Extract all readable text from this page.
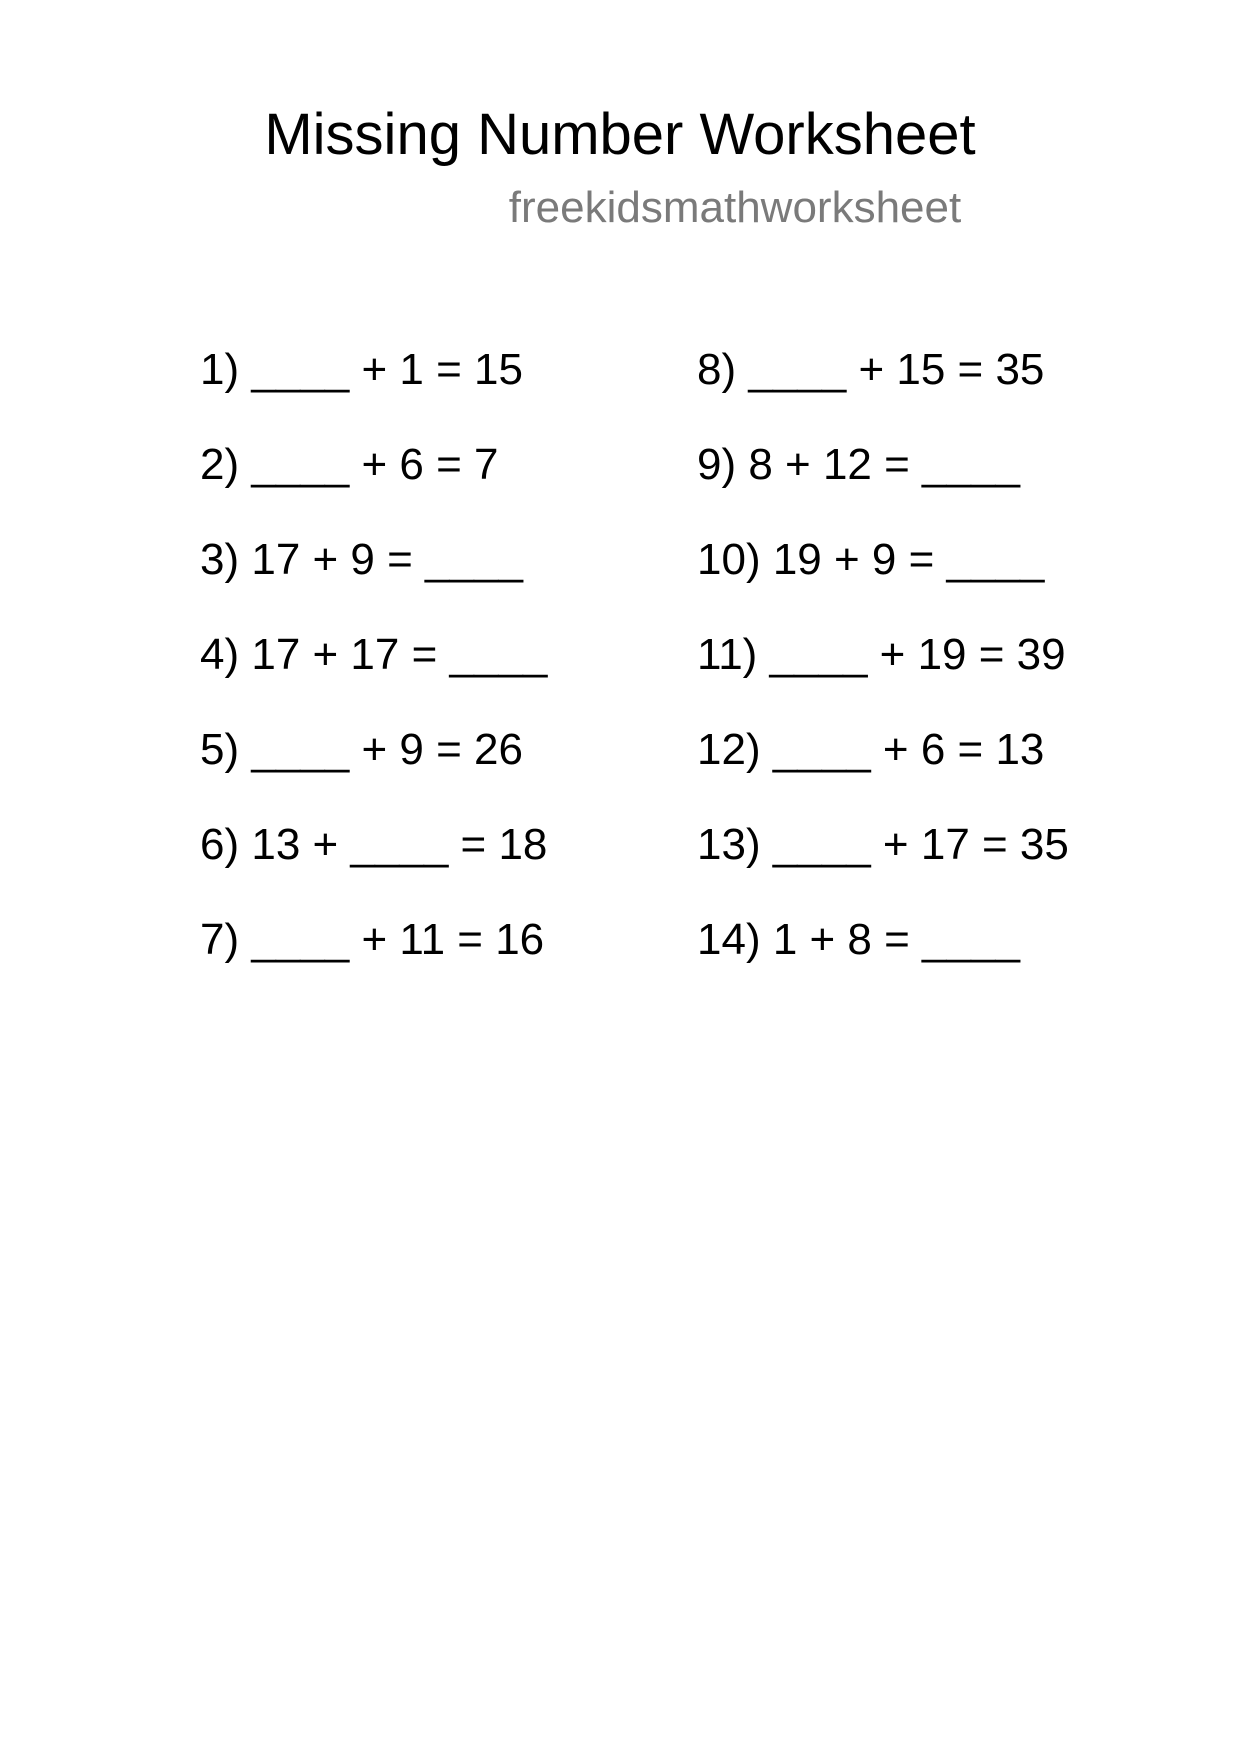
Missing Number Worksheet
freekidsmathworksheet
1) ____ + 1 = 15
2) ____ + 6 = 7
3) 17 + 9 = ____
4) 17 + 17 = ____
5) ____ + 9 = 26
6) 13 + ____ = 18
7) ____ + 11 = 16
8) ____ + 15 = 35
9) 8 + 12 = ____
10) 19 + 9 = ____
11) ____ + 19 = 39
12) ____ + 6 = 13
13) ____ + 17 = 35
14) 1 + 8 = ____
